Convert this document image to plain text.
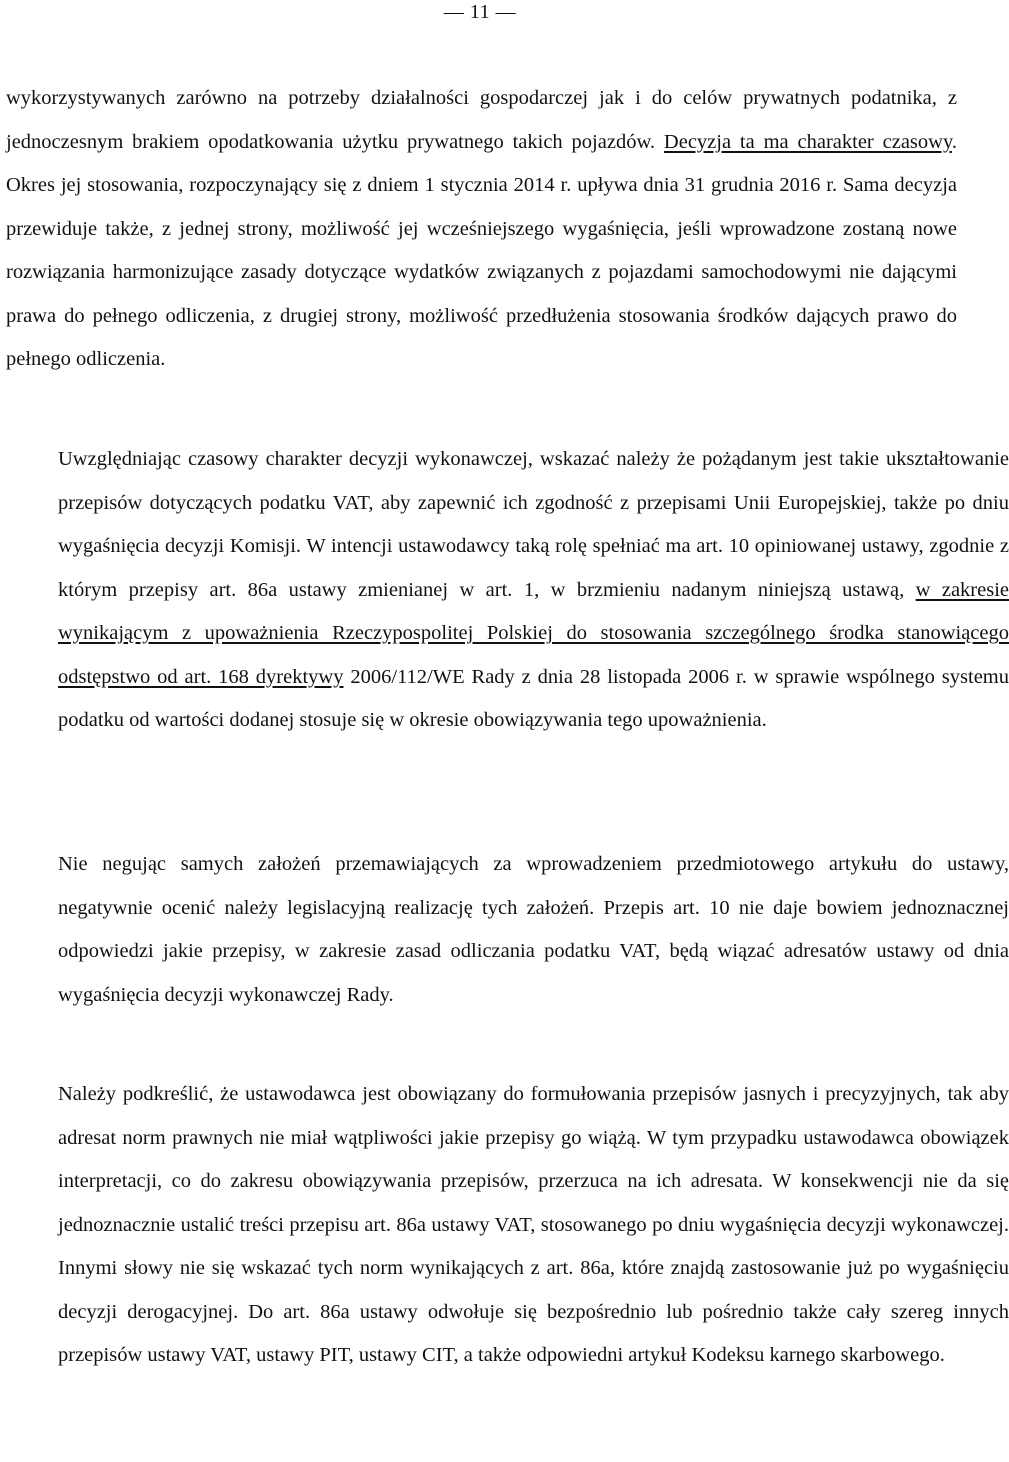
— 11 —

wykorzystywanych zarówno na potrzeby działalności gospodarczej jak i do celów prywatnych podatnika, z jednoczesnym brakiem opodatkowania użytku prywatnego takich pojazdów. Decyzja ta ma charakter czasowy. Okres jej stosowania, rozpoczynający się z dniem 1 stycznia 2014 r. upływa dnia 31 grudnia 2016 r. Sama decyzja przewiduje także, z jednej strony, możliwość jej wcześniejszego wygaśnięcia, jeśli wprowadzone zostaną nowe rozwiązania harmonizujące zasady dotyczące wydatków związanych z pojazdami samochodowymi nie dającymi prawa do pełnego odliczenia, z drugiej strony, możliwość przedłużenia stosowania środków dających prawo do pełnego odliczenia.

Uwzględniając czasowy charakter decyzji wykonawczej, wskazać należy że pożądanym jest takie ukształtowanie przepisów dotyczących podatku VAT, aby zapewnić ich zgodność z przepisami Unii Europejskiej, także po dniu wygaśnięcia decyzji Komisji. W intencji ustawodawcy taką rolę spełniać ma art. 10 opiniowanej ustawy, zgodnie z którym przepisy art. 86a ustawy zmienianej w art. 1, w brzmieniu nadanym niniejszą ustawą, w zakresie wynikającym z upoważnienia Rzeczypospolitej Polskiej do stosowania szczególnego środka stanowiącego odstępstwo od art. 168 dyrektywy 2006/112/WE Rady z dnia 28 listopada 2006 r. w sprawie wspólnego systemu podatku od wartości dodanej stosuje się w okresie obowiązywania tego upoważnienia.

Nie negując samych założeń przemawiających za wprowadzeniem przedmiotowego artykułu do ustawy, negatywnie ocenić należy legislacyjną realizację tych założeń. Przepis art. 10 nie daje bowiem jednoznacznej odpowiedzi jakie przepisy, w zakresie zasad odliczania podatku VAT, będą wiązać adresatów ustawy od dnia wygaśnięcia decyzji wykonawczej Rady.

Należy podkreślić, że ustawodawca jest obowiązany do formułowania przepisów jasnych i precyzyjnych, tak aby adresat norm prawnych nie miał wątpliwości jakie przepisy go wiążą. W tym przypadku ustawodawca obowiązek interpretacji, co do zakresu obowiązywania przepisów, przerzuca na ich adresata. W konsekwencji nie da się jednoznacznie ustalić treści przepisu art. 86a ustawy VAT, stosowanego po dniu wygaśnięcia decyzji wykonawczej. Innymi słowy nie się wskazać tych norm wynikających z art. 86a, które znajdą zastosowanie już po wygaśnięciu decyzji derogacyjnej. Do art. 86a ustawy odwołuje się bezpośrednio lub pośrednio także cały szereg innych przepisów ustawy VAT, ustawy PIT, ustawy CIT, a także odpowiedni artykuł Kodeksu karnego skarbowego.
